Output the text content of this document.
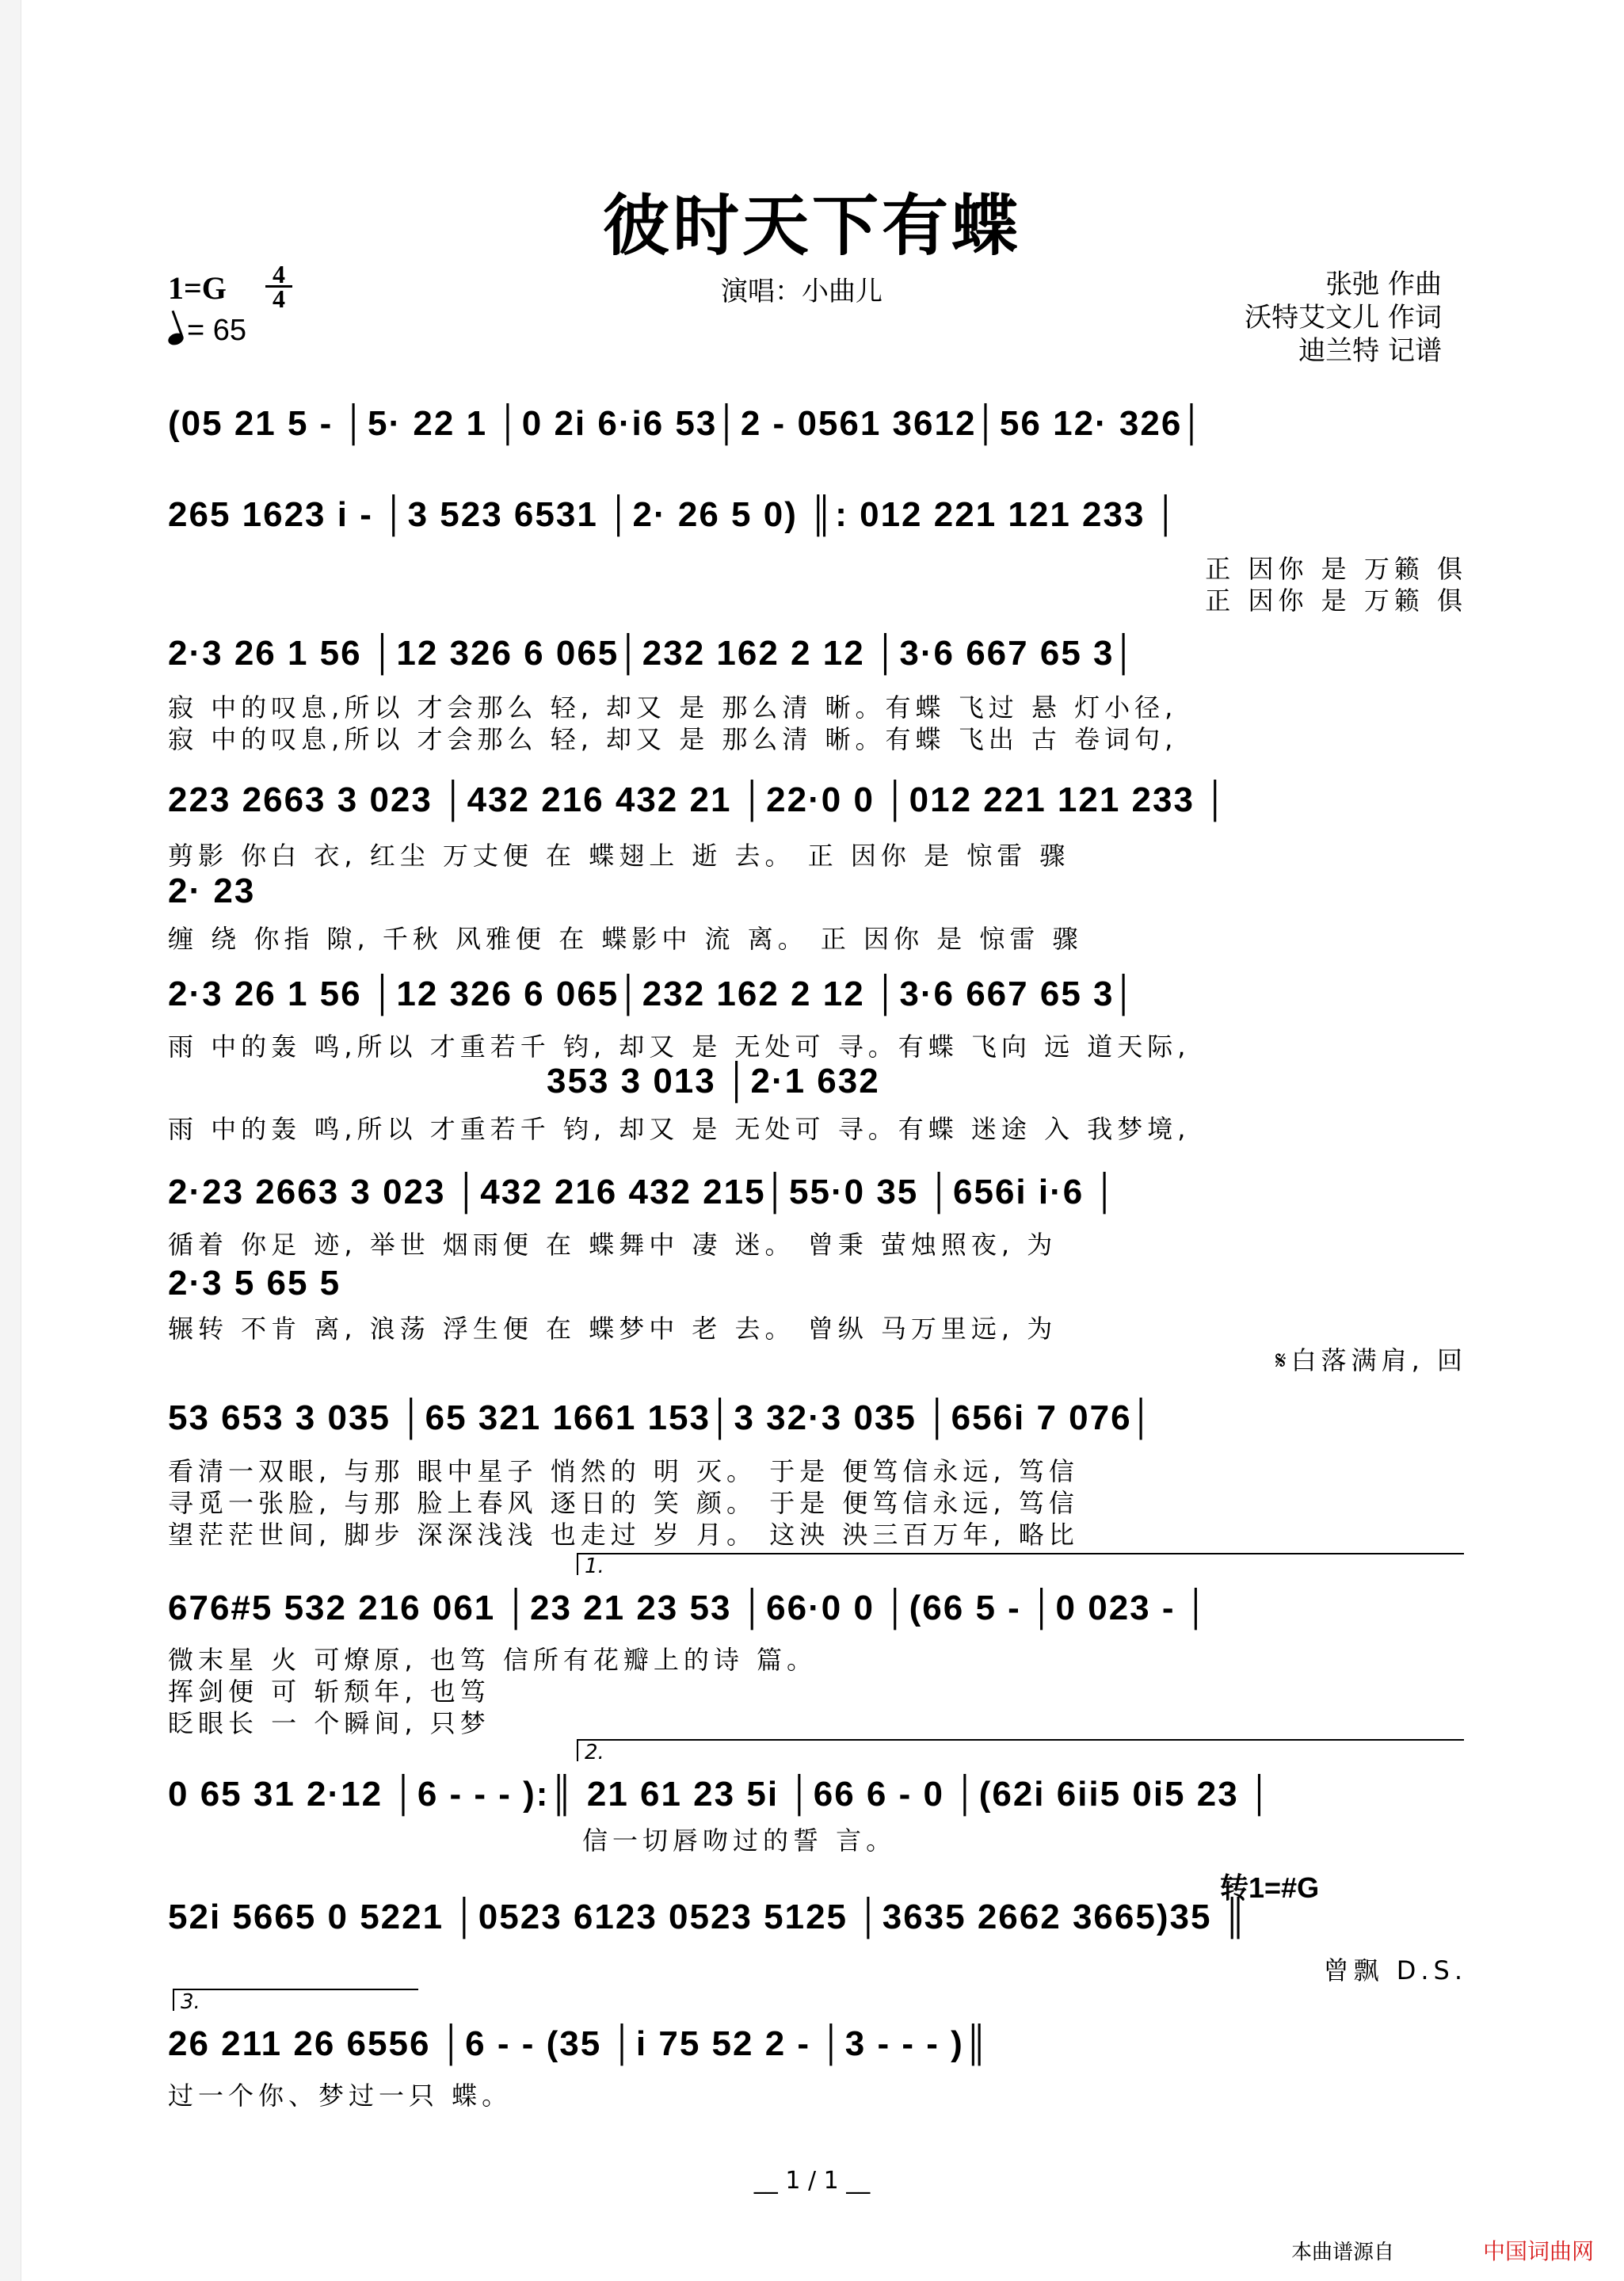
彼时天下有蝶
1=G 4
4
= 65
演唱：小曲儿	张弛 作曲
沃特艾文儿 作词
迪兰特 记谱
(05 21 5 - │5· 22 1 │0 2i 6·i6 53│2 - 0561 3612│56 12· 326│
265 1623 i - │3 523 6531 │2· 26 5 0) ║: 012 221 121 233 │
正 因你 是 万籁 俱
正 因你 是 万籁 俱
2·3 26 1 56 │12 326 6 065│232 162 2 12 │3·6 667 65 3│
寂 中的叹息,所以 才会那么 轻, 却又 是 那么清 晰。有蝶 飞过 悬 灯小径,
寂 中的叹息,所以 才会那么 轻, 却又 是 那么清 晰。有蝶 飞出 古 卷词句,
223 2663 3 023 │432 216 432 21 │22·0 0 │012 221 121 233 │
剪影 你白 衣, 红尘 万丈便 在 蝶翅上 逝 去。 正 因你 是 惊雷 骤
2· 23
缠 绕 你指 隙, 千秋 风雅便 在 蝶影中 流 离。 正 因你 是 惊雷 骤
2·3 26 1 56 │12 326 6 065│232 162 2 12 │3·6 667 65 3│
雨 中的轰 鸣,所以 才重若千 钧, 却又 是 无处可 寻。有蝶 飞向 远 道天际,
353 3 013 │2·1 632
雨 中的轰 鸣,所以 才重若千 钧, 却又 是 无处可 寻。有蝶 迷途 入 我梦境,
2·23 2663 3 023 │432 216 432 215│55·0 35 │656i i·6 │
循着 你足 迹, 举世 烟雨便 在 蝶舞中 凄 迷。 曾秉 萤烛照夜, 为
2·3 5 65 5
辗转 不肯 离, 浪荡 浮生便 在 蝶梦中 老 去。 曾纵 马万里远, 为
𝄋白落满肩, 回
53 653 3 035 │65 321 1661 153│3 32·3 035 │656i 7 076│
看清一双眼, 与那 眼中星子 悄然的 明 灭。 于是 便笃信永远, 笃信
寻觅一张脸, 与那 脸上春风 逐日的 笑 颜。 于是 便笃信永远, 笃信
望茫茫世间, 脚步 深深浅浅 也走过 岁 月。 这泱 泱三百万年, 略比
1.
676#5 532 216 061 │23 21 23 53 │66·0 0 │(66 5 - │0 023 - │
微末星 火 可燎原, 也笃 信所有花瓣上的诗 篇。
挥剑便 可 斩颓年, 也笃
眨眼长 一 个瞬间, 只梦
2.
0 65 31 2·12 │6 - - - ):║ 21 61 23 5i │66 6 - 0 │(62i 6ii5 0i5 23 │
信一切唇吻过的誓 言。
转1=#G
52i 5665 0 5221 │0523 6123 0523 5125 │3635 2662 3665)35 ║
曾飘 D.S.
3.
26 211 26 6556 │6 - - (35 │i 75 52 2 - │3 - - - )║
过一个你、梦过一只 蝶。
__ 1 / 1 __
本曲谱源自	中国词曲网
